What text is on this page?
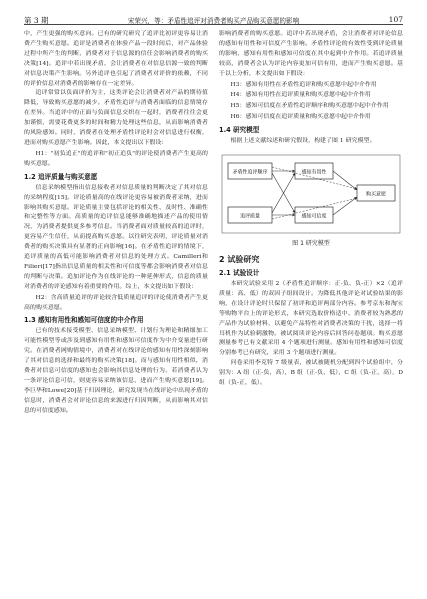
第 3 期	宋荣兴，等：矛盾性追评对消费者购买产品购买意愿的影响	107

中，产生更强的购买意向。已有的研究研究了追评比初评更容易让消费产生购买意愿。追评是消费者在体验产品一段时间后，对产品体验过程中所产生的判断，消费者对于信息源的信任会影响消费者的购买决策[14]。追评中若出现矛盾，会让消费者在对信息信源一致的判断对信息决策产生影响。另外追评也引起了消费者对评价的依赖，不同的评价信息对消费者的影响存在一定差异。

追评常常以负面评价为主，这类评论会让消费者对产品的期待值降低，导致购买意愿的减少。矛盾性追评与消费者面临的信息情境存在差异。当追评中的正面与负面信息交织在一起时，消费者往往会更加谨慎，需要花费更多的时间和精力处理这些信息，从而影响消费者的风险感知。同时，消费者在处理矛盾性评论时会对信息进行权衡，进而对购买意愿产生影响。因此，本文提出以下假设：

H1："初负追正"的追评和"初正追负"的评论使消费者产生更高的购买意愿。

1.2 追评质量与购买意愿

信息采纳模型指出信息接收者对信息质量的判断决定了其对信息的采纳程度[15]。评论质量高的在线评论更容易被消费者采纳，进而影响其购买意愿。评论质量主要包括评论的相关性、及时性、准确性和完整性等方面。高质量的追评信息能够准确地描述产品的使用情况，为消费者提供更多参考信息。当消费者面对质量较高的追评时，更容易产生信任，从而提高购买意愿。以往研究表明，评论质量对消费者的购买决策具有显著的正向影响[16]。在矛盾性追评的情境下，追评质量的高低可能影响消费者对信息的处理方式。Camilleri和Filieri[17]指出信息质量的相关性和可信度等都会影响消费者对信息的判断与决策。追加评论作为在线评论的一种延伸形式，信息的质量对消费者的评论感知有着重要的作用。综上，本文提出如下假设：

H2：含高质量追评的评论较含低质量追评的评论使消费者产生更高的购买意愿。

1.3 感知有用性和感知可信度的中介作用

已有的技术接受模型、信息采纳模型、计划行为理论和精细加工可能性模型等或涉及到感知有用性和感知可信度作为中介变量进行研究。在消费者网购情境中，消费者对在线评论的感知有用性深刻影响了其对信息的选择和最终的购买决策[18]。而与感知有用性相似，消费者对信息可信度的感知也会影响其信息处理的行为。若消费者认为一条评论信息可信，则更容易采纳该信息，进而产生购买意愿[19]。李巨华和Lowe[20]基于归因理论，研究发现当在线评论中出现矛盾的信息时，消费者会对评论信息的来源进行归因判断，从而影响其对信息的可信度感知。

影响消费者的购买意愿。追评中若出现矛盾，会让消费者对评论信息的感知有用性和可信度产生影响。矛盾性评论的有效性受到评论质量的影响，感知有用性和感知可信度在其中起到中介作用。若追评质量较高，消费者会认为评论内容更加可信有用，进而产生购买意愿。基于以上分析，本文提出如下假设：

H3：感知有用性在矛盾性追评和购买意愿中起中介作用

H4：感知有用性在追评质量和购买意愿中起中介作用

H5：感知可信度在矛盾性追评顺序和购买意愿中起中介作用

H6：感知可信度在追评质量和购买意愿中起中介作用

1.4 研究模型

根据上述文献综述和研究假设，构建了图 1 研究模型。

矛盾性追评顺序
追评质量
感知有用性
感知可信度
购买意愿
图 1 研究模型
2 试验研究
2.1 试验设计

本研究试验采用 2（矛盾性追评顺序：正-负、负-正）×2（追评质量：高、低）的双因子组间设计。为降低其他评论对试验结果的影响，在设计评论时只保留了初评和追评两部分内容。参考京东和淘宝等购物平台上的评论形式，本研究选取价格适中、消费者较为熟悉的产品作为试验材料，以避免产品特性对消费者决策的干扰，选择一将耳机作为试验刺激物。被试阅读评论内容后回答问卷题项。购买意愿测量参考已有文献采用 4 个题项进行测量。感知有用性和感知可信度分别参考已有研究，采用 3 个题项进行测量。

问卷采用李克特 7 级量表，被试被随机分配到四个试验组中，分别为：A 组（正-负，高），B 组（正-负，低），C 组（负-正，高），D 组（负-正，低）。
